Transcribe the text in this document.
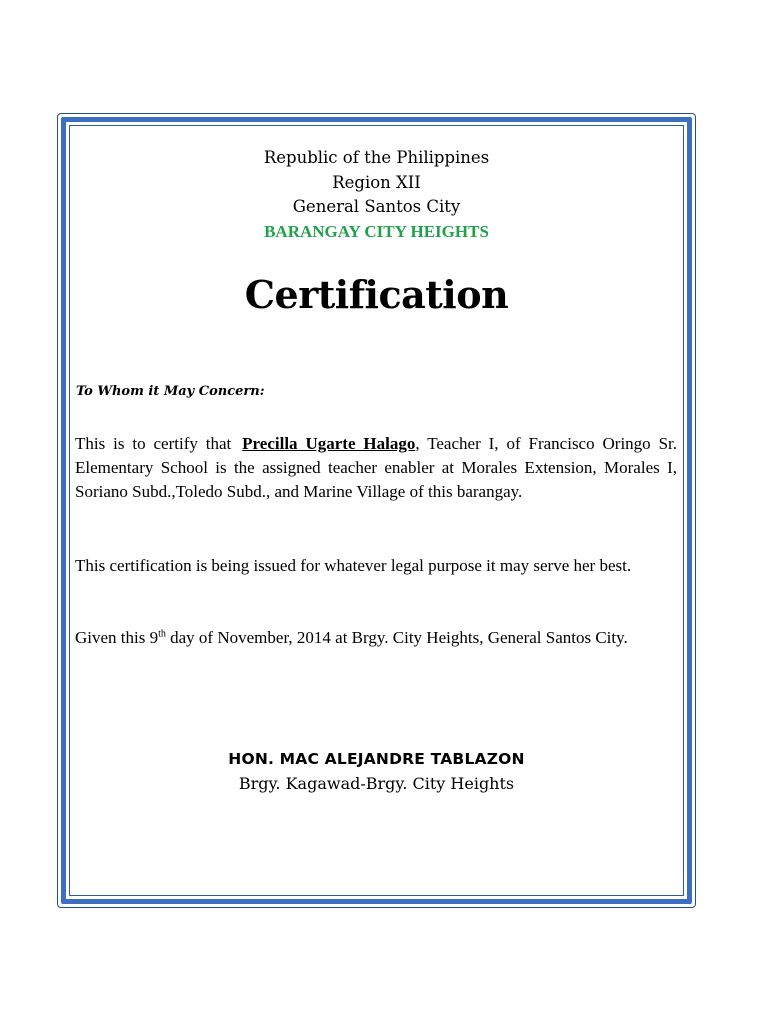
Republic of the Philippines
Region XII
General Santos City
BARANGAY CITY HEIGHTS
Certification
To Whom it May Concern:

This is to certify that Precilla Ugarte Halago, Teacher I, of Francisco Oringo Sr. Elementary School is the assigned teacher enabler at Morales Extension, Morales I, Soriano Subd.,Toledo Subd., and Marine Village of this barangay.

This certification is being issued for whatever legal purpose it may serve her best.

Given this 9th day of November, 2014 at Brgy. City Heights, General Santos City.

HON. MAC ALEJANDRE TABLAZON
Brgy. Kagawad-Brgy. City Heights
